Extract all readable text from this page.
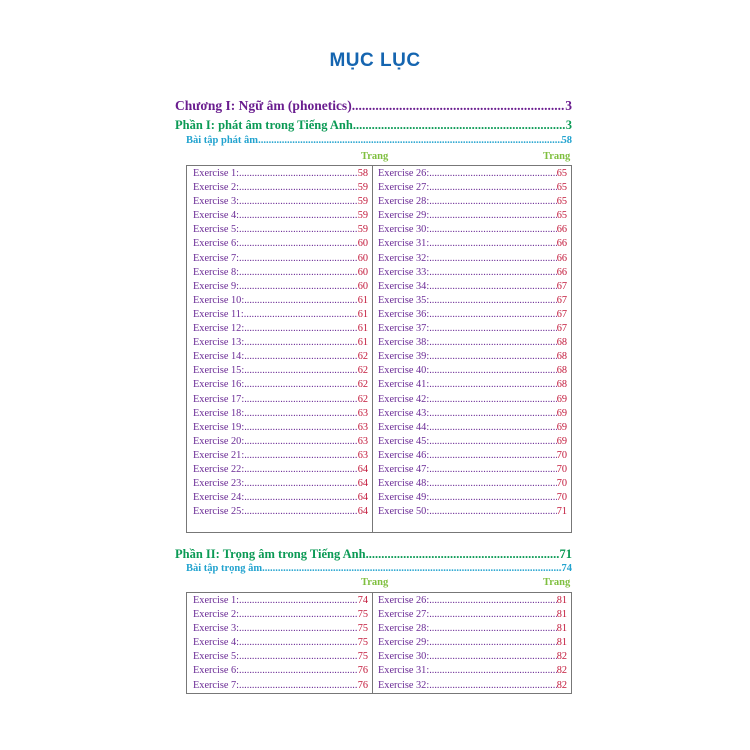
MỤC LỤC
Chương I: Ngữ âm (phonetics) .....	3
Phần I: phát âm trong Tiếng Anh .....	3
Bài tập phát âm .....	58
Trang	Trang
Exercise 1: .....	58
Exercise 2: .....	59
Exercise 3: .....	59
Exercise 4: .....	59
Exercise 5: .....	59
Exercise 6: .....	60
Exercise 7: .....	60
Exercise 8: .....	60
Exercise 9: .....	60
Exercise 10: .....	61
Exercise 11: .....	61
Exercise 12: .....	61
Exercise 13: .....	61
Exercise 14: .....	62
Exercise 15: .....	62
Exercise 16: .....	62
Exercise 17: .....	62
Exercise 18: .....	63
Exercise 19: .....	63
Exercise 20: .....	63
Exercise 21: .....	63
Exercise 22: .....	64
Exercise 23: .....	64
Exercise 24: .....	64
Exercise 25: .....	64
Exercise 26: .....	65
Exercise 27: .....	65
Exercise 28: .....	65
Exercise 29: .....	65
Exercise 30: .....	66
Exercise 31: .....	66
Exercise 32: .....	66
Exercise 33: .....	66
Exercise 34: .....	67
Exercise 35: .....	67
Exercise 36: .....	67
Exercise 37: .....	67
Exercise 38: .....	68
Exercise 39: .....	68
Exercise 40: .....	68
Exercise 41: .....	68
Exercise 42: .....	69
Exercise 43: .....	69
Exercise 44: .....	69
Exercise 45: .....	69
Exercise 46: .....	70
Exercise 47: .....	70
Exercise 48: .....	70
Exercise 49: .....	70
Exercise 50: .....	71
Phần II: Trọng âm trong Tiếng Anh .....	71
Bài tập trọng âm .....	74
Trang	Trang
Exercise 1: .....	74
Exercise 2: .....	75
Exercise 3: .....	75
Exercise 4: .....	75
Exercise 5: .....	75
Exercise 6: .....	76
Exercise 7: .....	76
Exercise 26: .....	81
Exercise 27: .....	81
Exercise 28: .....	81
Exercise 29: .....	81
Exercise 30: .....	82
Exercise 31: .....	82
Exercise 32: .....	82
